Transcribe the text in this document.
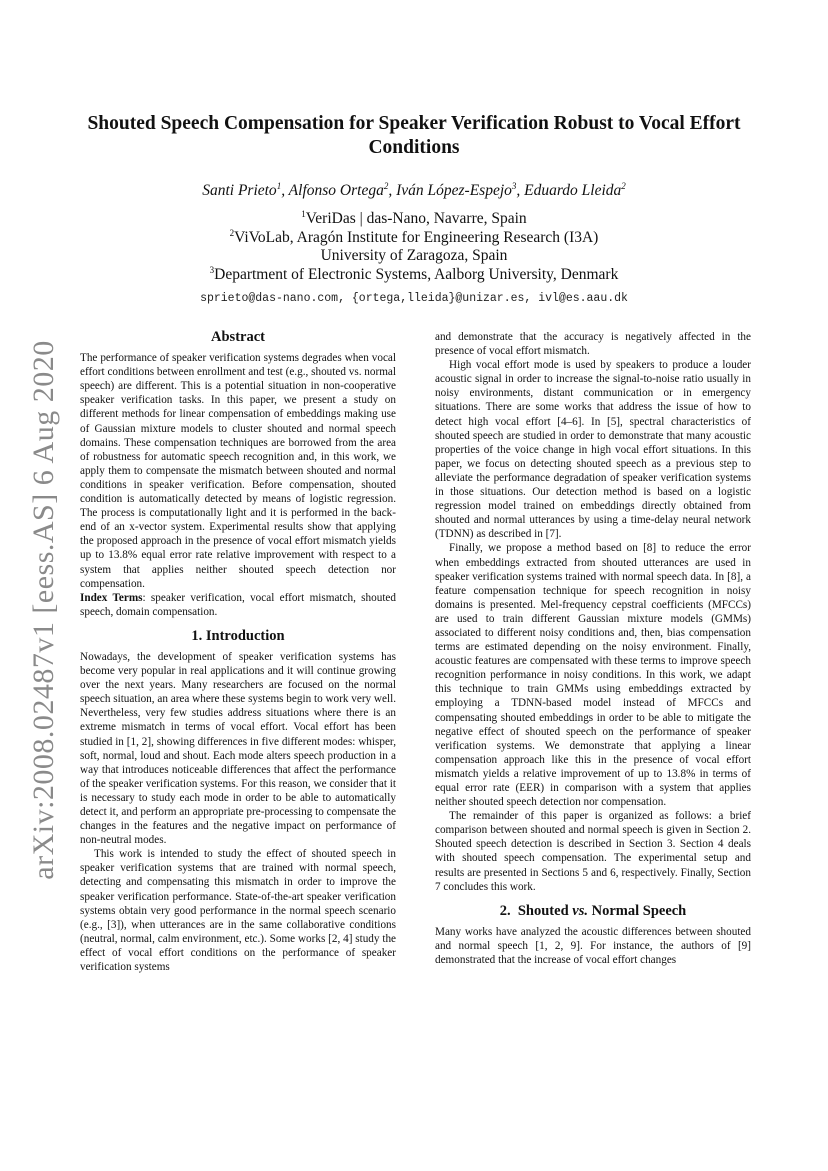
arXiv:2008.02487v1 [eess.AS] 6 Aug 2020
Shouted Speech Compensation for Speaker Verification Robust to Vocal Effort Conditions
Santi Prieto$^1$, Alfonso Ortega$^2$, Iván López-Espejo$^3$, Eduardo Lleida$^2$
$^1$VeriDas | das-Nano, Navarre, Spain
$^2$ViVoLab, Aragón Institute for Engineering Research (I3A)
University of Zaragoza, Spain
$^3$Department of Electronic Systems, Aalborg University, Denmark
sprieto@das-nano.com, {ortega,lleida}@unizar.es, ivl@es.aau.dk
Abstract

The performance of speaker verification systems degrades when vocal effort conditions between enrollment and test (e.g., shouted vs. normal speech) are different. This is a potential situation in non-cooperative speaker verification tasks. In this paper, we present a study on different methods for linear compensation of embeddings making use of Gaussian mixture models to cluster shouted and normal speech domains. These compensation techniques are borrowed from the area of robustness for automatic speech recognition and, in this work, we apply them to compensate the mismatch between shouted and normal conditions in speaker verification. Before compensation, shouted condition is automatically detected by means of logistic regression. The process is computationally light and it is performed in the back-end of an x-vector system. Experimental results show that applying the proposed approach in the presence of vocal effort mismatch yields up to 13.8% equal error rate relative improvement with respect to a system that applies neither shouted speech detection nor compensation.

Index Terms: speaker verification, vocal effort mismatch, shouted speech, domain compensation.

1. Introduction

Nowadays, the development of speaker verification systems has become very popular in real applications and it will continue growing over the next years. Many researchers are focused on the normal speech situation, an area where these systems begin to work very well. Nevertheless, very few studies address situations where there is an extreme mismatch in terms of vocal effort. Vocal effort has been studied in [1, 2], showing differences in five different modes: whisper, soft, normal, loud and shout. Each mode alters speech production in a way that introduces noticeable differences that affect the performance of the speaker verification systems. For this reason, we consider that it is necessary to study each mode in order to be able to automatically detect it, and perform an appropriate pre-processing to compensate the changes in the features and the negative impact on performance of non-neutral modes.

This work is intended to study the effect of shouted speech in speaker verification systems that are trained with normal speech, detecting and compensating this mismatch in order to improve the speaker verification performance. State-of-the-art speaker verification systems obtain very good performance in the normal speech scenario (e.g., [3]), when utterances are in the same collaborative conditions (neutral, normal, calm environment, etc.). Some works [2, 4] study the effect of vocal effort conditions on the performance of speaker verification systems

and demonstrate that the accuracy is negatively affected in the presence of vocal effort mismatch.

High vocal effort mode is used by speakers to produce a louder acoustic signal in order to increase the signal-to-noise ratio usually in noisy environments, distant communication or in emergency situations. There are some works that address the issue of how to detect high vocal effort [4–6]. In [5], spectral characteristics of shouted speech are studied in order to demonstrate that many acoustic properties of the voice change in high vocal effort situations. In this paper, we focus on detecting shouted speech as a previous step to alleviate the performance degradation of speaker verification systems in those situations. Our detection method is based on a logistic regression model trained on embeddings directly obtained from shouted and normal utterances by using a time-delay neural network (TDNN) as described in [7].

Finally, we propose a method based on [8] to reduce the error when embeddings extracted from shouted utterances are used in speaker verification systems trained with normal speech data. In [8], a feature compensation technique for speech recognition in noisy domains is presented. Mel-frequency cepstral coefficients (MFCCs) are used to train different Gaussian mixture models (GMMs) associated to different noisy conditions and, then, bias compensation terms are estimated depending on the noisy environment. Finally, acoustic features are compensated with these terms to improve speech recognition performance in noisy conditions. In this work, we adapt this technique to train GMMs using embeddings extracted by employing a TDNN-based model instead of MFCCs and compensating shouted embeddings in order to be able to mitigate the negative effect of shouted speech on the performance of speaker verification systems. We demonstrate that applying a linear compensation approach like this in the presence of vocal effort mismatch yields a relative improvement of up to 13.8% in terms of equal error rate (EER) in comparison with a system that applies neither shouted speech detection nor compensation.

The remainder of this paper is organized as follows: a brief comparison between shouted and normal speech is given in Section 2. Shouted speech detection is described in Section 3. Section 4 deals with shouted speech compensation. The experimental setup and results are presented in Sections 5 and 6, respectively. Finally, Section 7 concludes this work.

2. Shouted vs. Normal Speech

Many works have analyzed the acoustic differences between shouted and normal speech [1, 2, 9]. For instance, the authors of [9] demonstrated that the increase of vocal effort changes
